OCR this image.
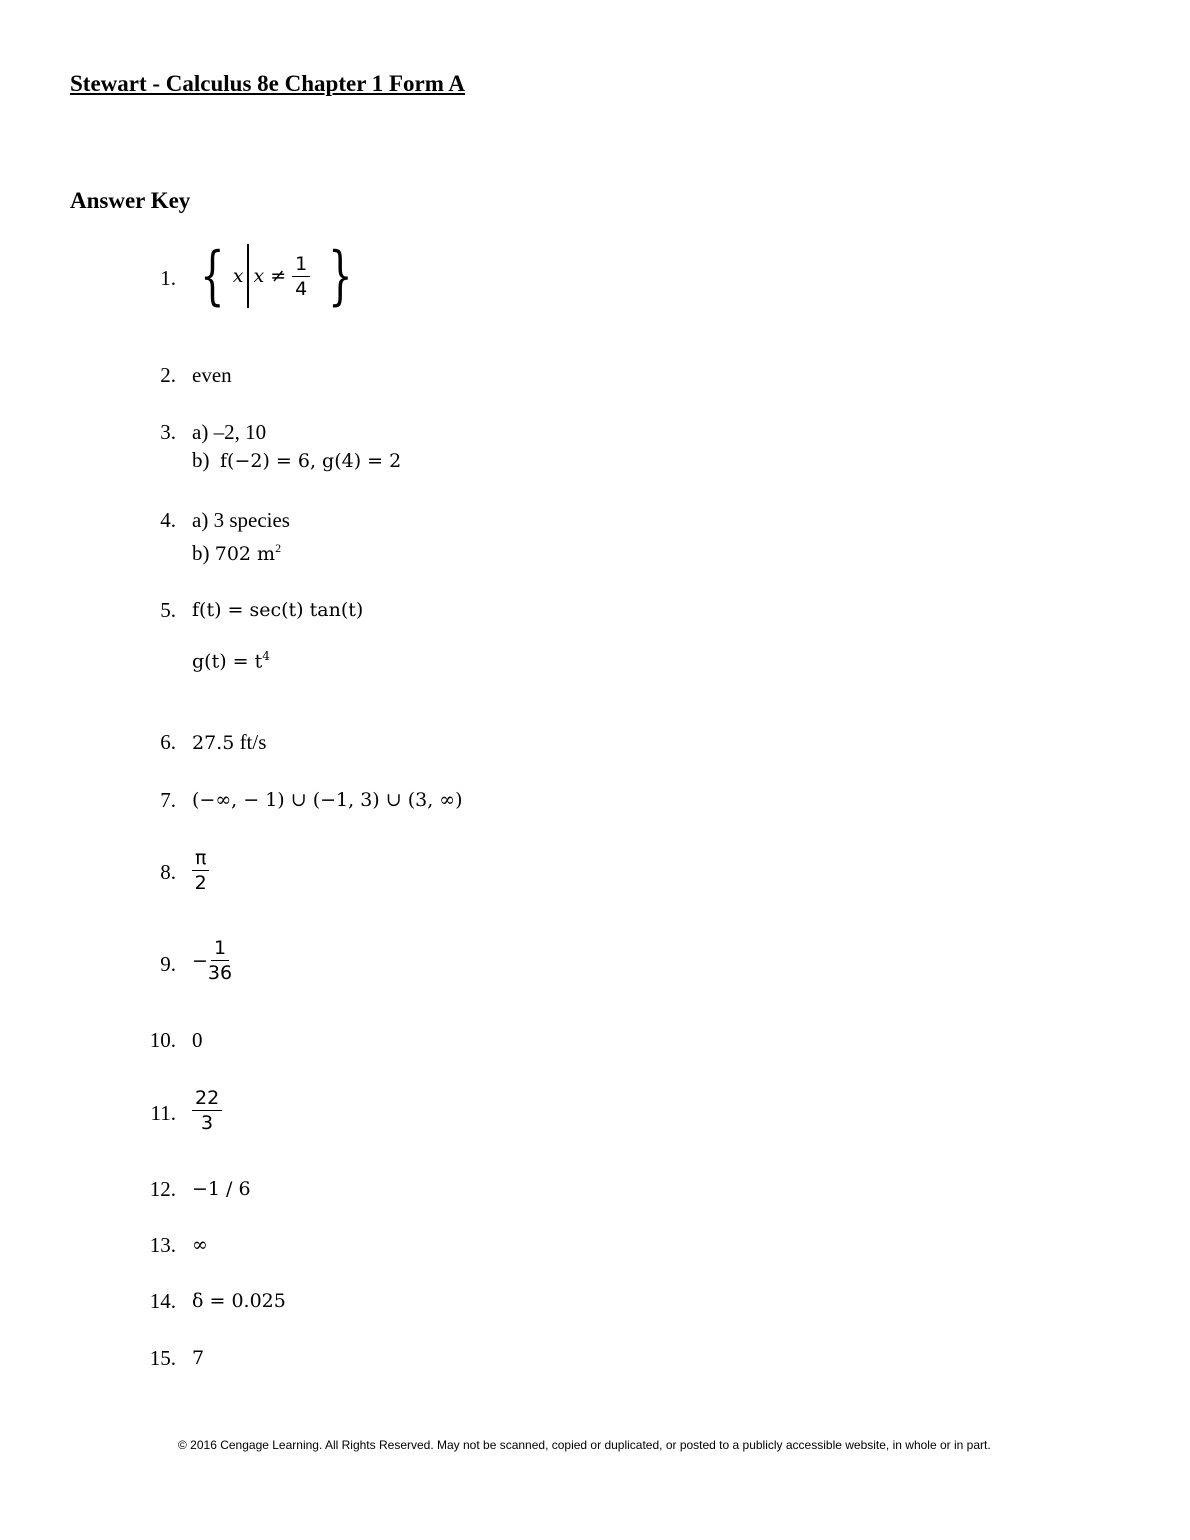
Stewart - Calculus 8e Chapter 1 Form A
Answer Key
1. { x x ≠
$\frac{1}{4}$ }
2. even
3. a) –2, 10
b) f(−2) = 6, g(4) = 2
4. a) 3 species
b) 702 $m^2$
5. f(t) = sec(t) tan(t)
$g(t) = t^4$
6. 27.5 ft/s
7. (−∞, − 1) ∪ (−1, 3) ∪ (3, ∞)
8. $\frac{\pi}{2}$
9. − $\frac{1}{36}$
10. 0
11. $\frac{22}{3}$
12. −1 / 6
13. ∞
14. δ = 0.025
15. 7
© 2016 Cengage Learning. All Rights Reserved. May not be scanned, copied or duplicated, or posted to a publicly accessible website, in whole or in part.
